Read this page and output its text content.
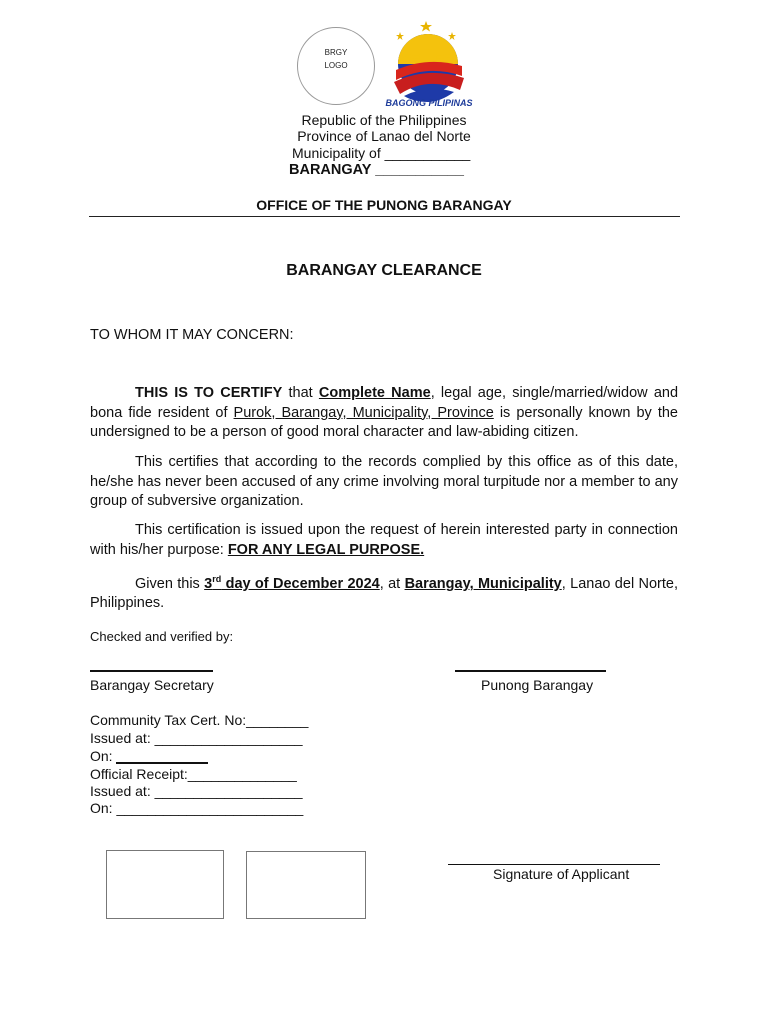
BRGY
LOGO
BAGONG PILIPINAS
Republic of the Philippines
Province of Lanao del Norte
Municipality of ___________
BARANGAY ___________
OFFICE OF THE PUNONG BARANGAY
BARANGAY CLEARANCE
TO WHOM IT MAY CONCERN:
THIS IS TO CERTIFY that Complete Name, legal age, single/married/widow and bona fide resident of Purok, Barangay, Municipality, Province is personally known by the undersigned to be a person of good moral character and law-abiding citizen.
This certifies that according to the records complied by this office as of this date, he/she has never been accused of any crime involving moral turpitude nor a member to any group of subversive organization.
This certification is issued upon the request of herein interested party in connection with his/her purpose: FOR ANY LEGAL PURPOSE.
Given this 3rd day of December 2024, at Barangay, Municipality, Lanao del Norte, Philippines.
Checked and verified by:
Barangay Secretary	Punong Barangay
Community Tax Cert. No:________
Issued at: ___________________
On:
Official Receipt:______________
Issued at: ___________________
On: ________________________
Signature of Applicant
